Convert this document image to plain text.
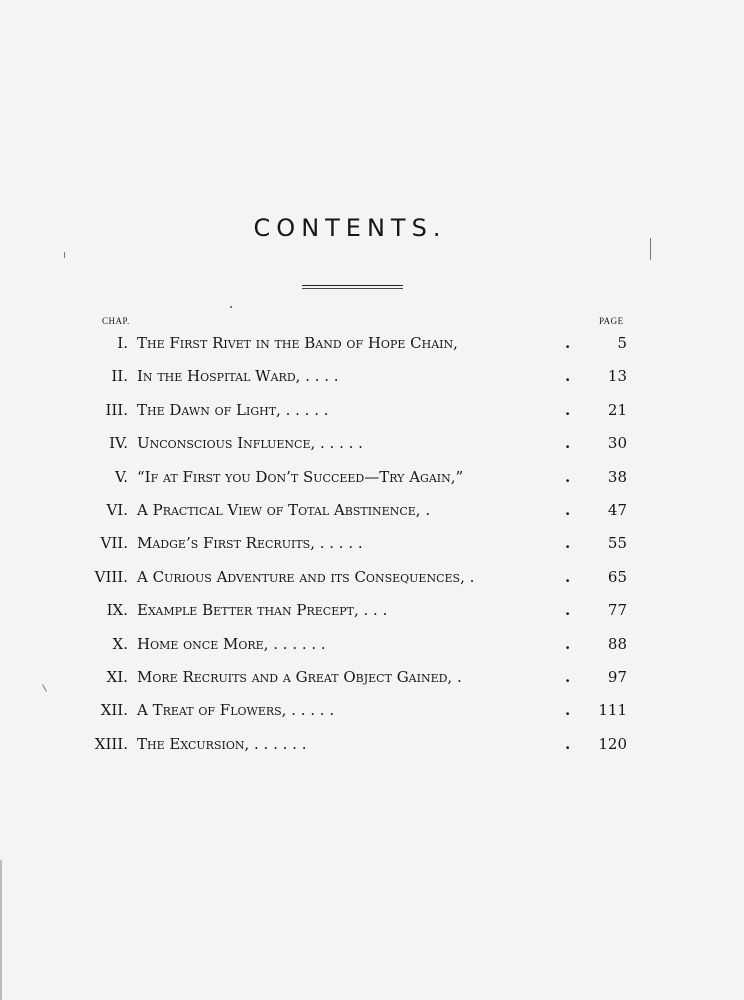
CONTENTS.
CHAP.	PAGE
I. The First Rivet in the Band of Hope Chain,	.	5
II. In the Hospital Ward, . . . .	.	13
III. The Dawn of Light, . . . . .	.	21
IV. Unconscious Influence, . . . . .	.	30
V. “If at First you Don’t Succeed—Try Again,”	.	38
VI. A Practical View of Total Abstinence, .	.	47
VII. Madge’s First Recruits, . . . . .	.	55
VIII. A Curious Adventure and its Consequences, .	.	65
IX. Example Better than Precept, . . .	.	77
X. Home once More, . . . . . .	.	88
XI. More Recruits and a Great Object Gained, .	.	97
XII. A Treat of Flowers, . . . . .	. 111
XIII. The Excursion, . . . . . .	. 120
